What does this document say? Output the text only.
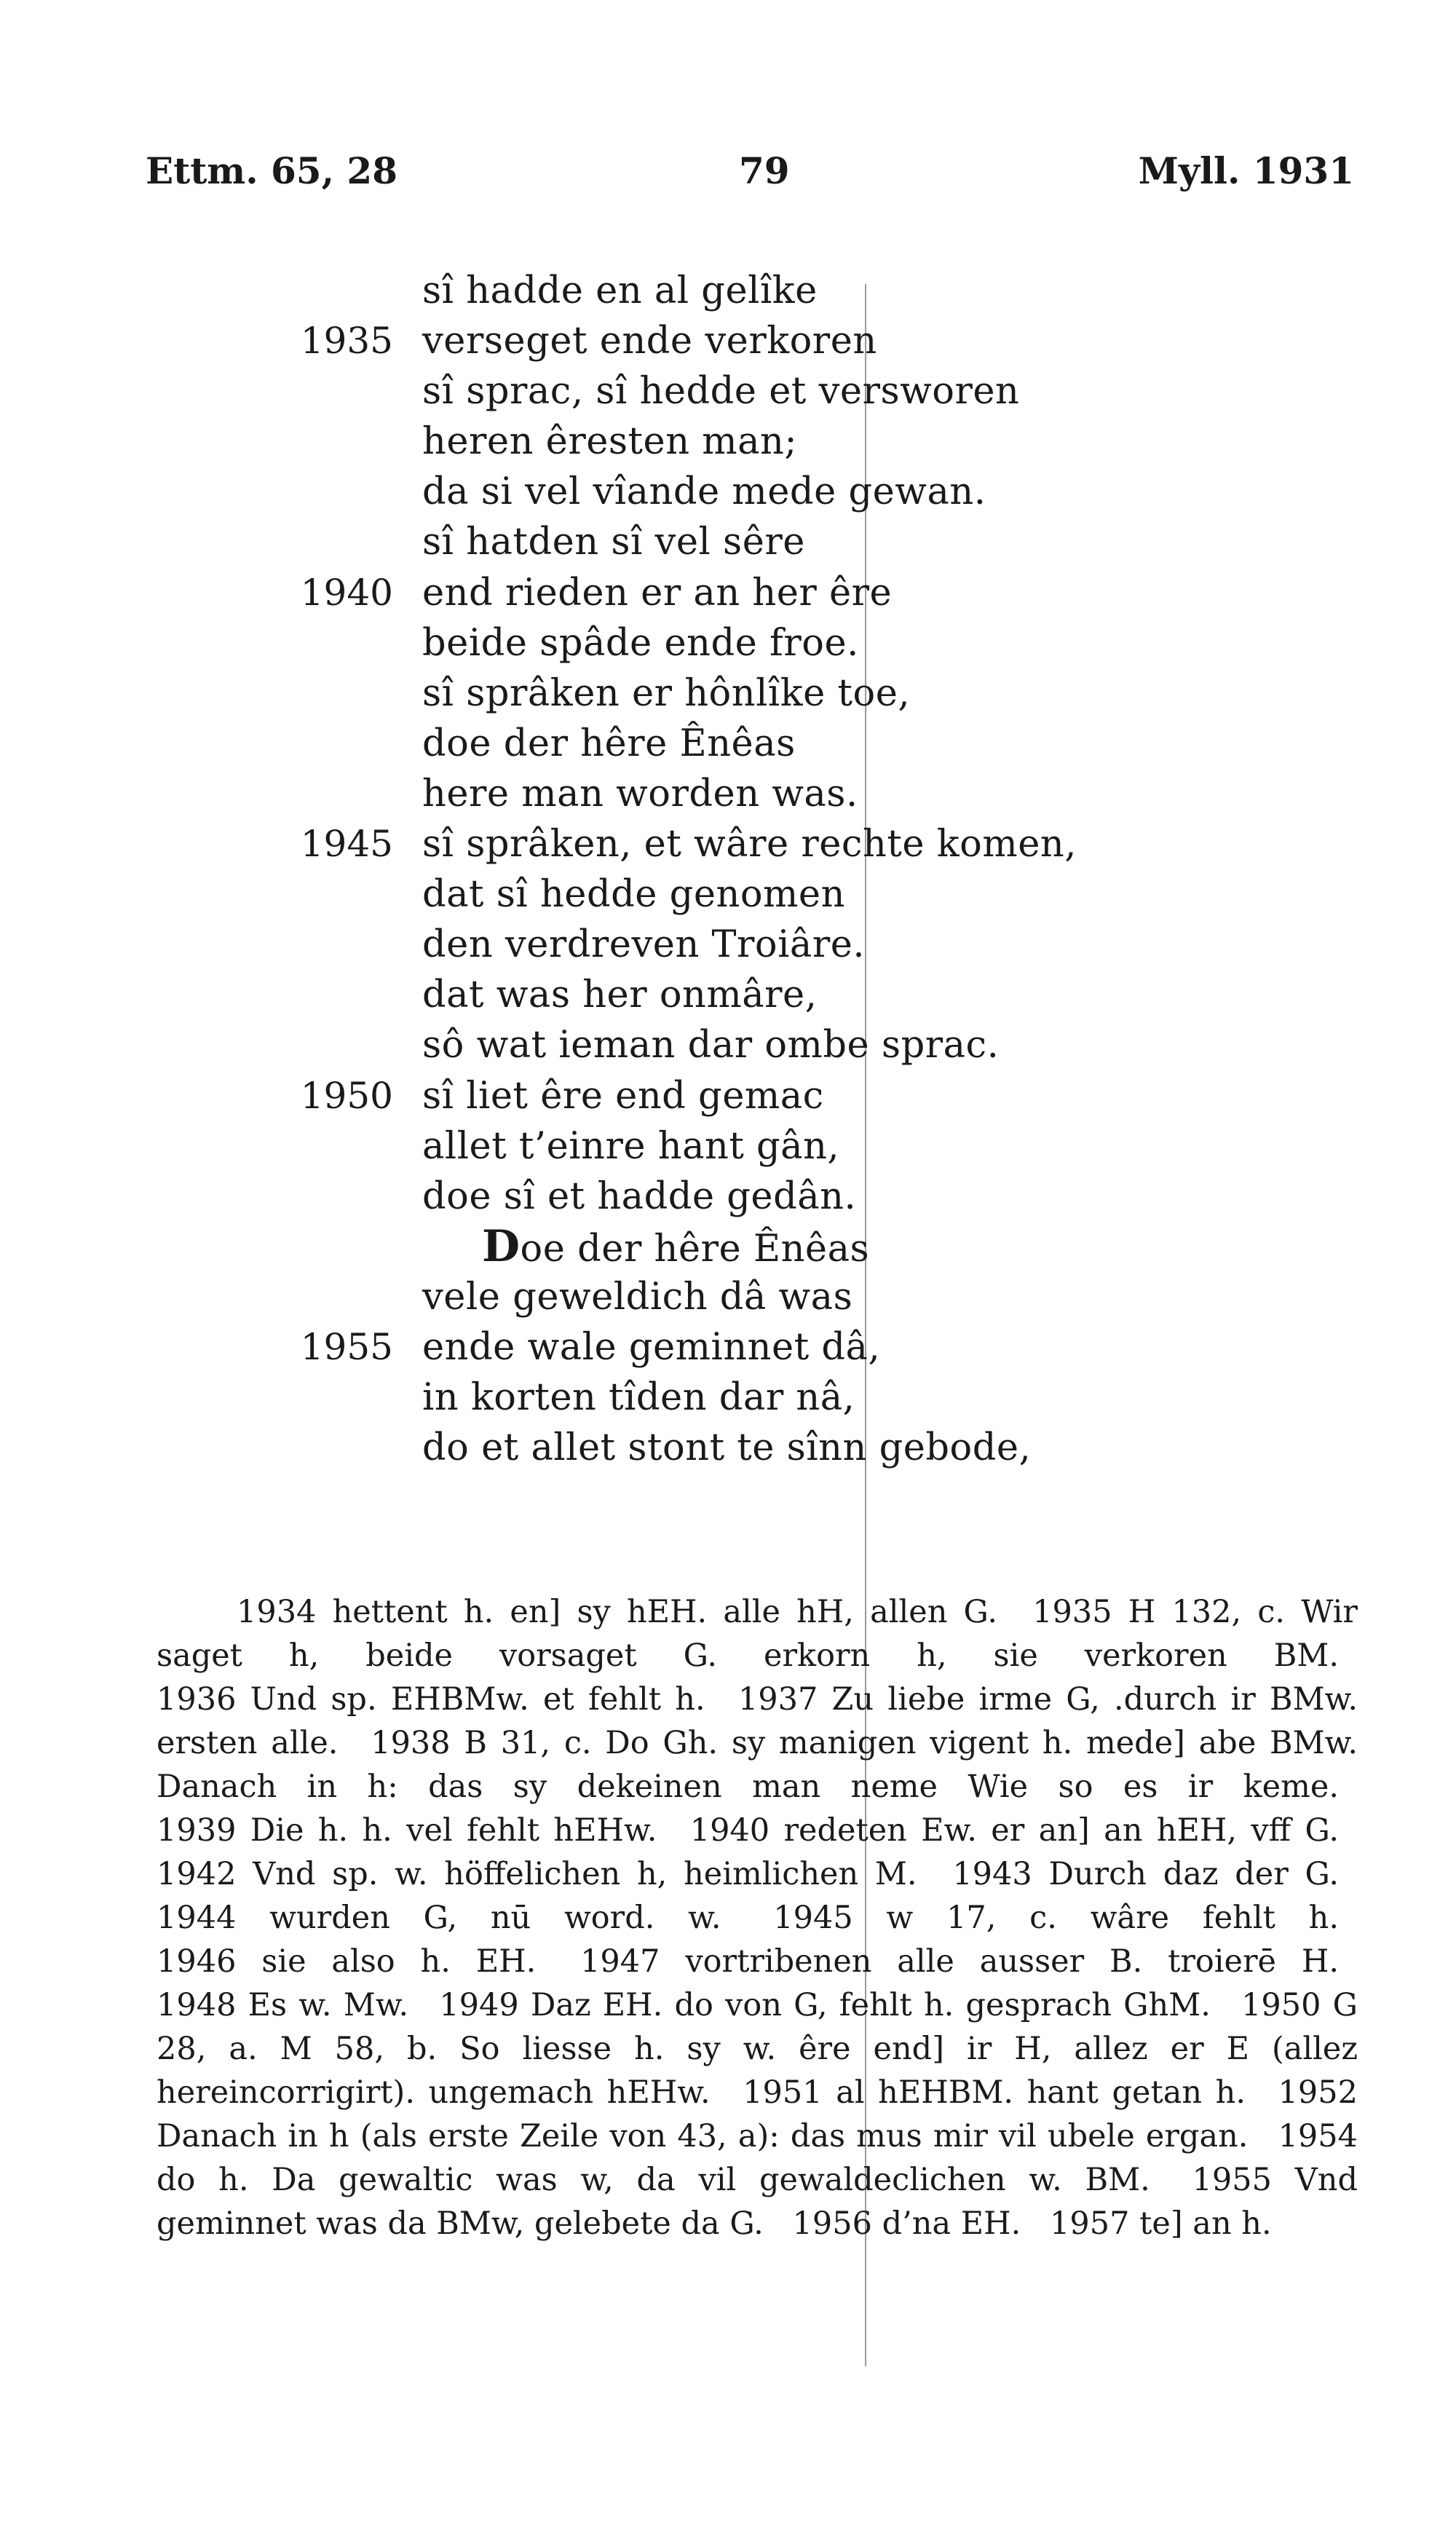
Ettm. 65, 28	79	Myll. 1931
sî hadde en al gelîke
1935 verseget ende verkoren
sî sprac, sî hedde et versworen
heren êresten man;
da si vel vîande mede gewan.
sî hatden sî vel sêre
1940 end rieden er an her êre
beide spâde ende froe.
sî sprâken er hônlîke toe,
doe der hêre Ênêas
here man worden was.
1945 sî sprâken, et wâre rechte komen,
dat sî hedde genomen
den verdreven Troiâre.
dat was her onmâre,
sô wat ieman dar ombe sprac.
1950 sî liet êre end gemac
allet t’einre hant gân,
doe sî et hadde gedân.
Doe der hêre Ênêas
vele geweldich dâ was
1955 ende wale geminnet dâ,
in korten tîden dar nâ,
do et allet stont te sînn gebode,

1934 hettent h. en] sy hEH. alle hH, allen G. 1935 H 132, c. Wir saget h, beide vorsaget G. erkorn h, sie verkoren BM. 1936 Und sp. EHBMw. et fehlt h. 1937 Zu liebe irme G, .durch ir BMw. ersten alle. 1938 B 31, c. Do Gh. sy manigen vigent h. mede] abe BMw. Danach in h: das sy dekeinen man neme Wie so es ir keme. 1939 Die h. h. vel fehlt hEHw. 1940 redeten Ew. er an] an hEH, vff G. 1942 Vnd sp. w. höffelichen h, heimlichen M. 1943 Durch daz der G. 1944 wurden G, nū word. w. 1945 w 17, c. wâre fehlt h. 1946 sie also h. EH. 1947 vortribenen alle ausser B. troierē H. 1948 Es w. Mw. 1949 Daz EH. do von G, fehlt h. gesprach GhM. 1950 G 28, a. M 58, b. So liesse h. sy w. êre end] ir H, allez er E (allez hereincorrigirt). ungemach hEHw. 1951 al hEHBM. hant getan h. 1952 Danach in h (als erste Zeile von 43, a): das mus mir vil ubele ergan. 1954 do h. Da gewaltic was w, da vil gewaldeclichen w. BM. 1955 Vnd geminnet was da BMw, gelebete da G. 1956 d’na EH. 1957 te] an h.
